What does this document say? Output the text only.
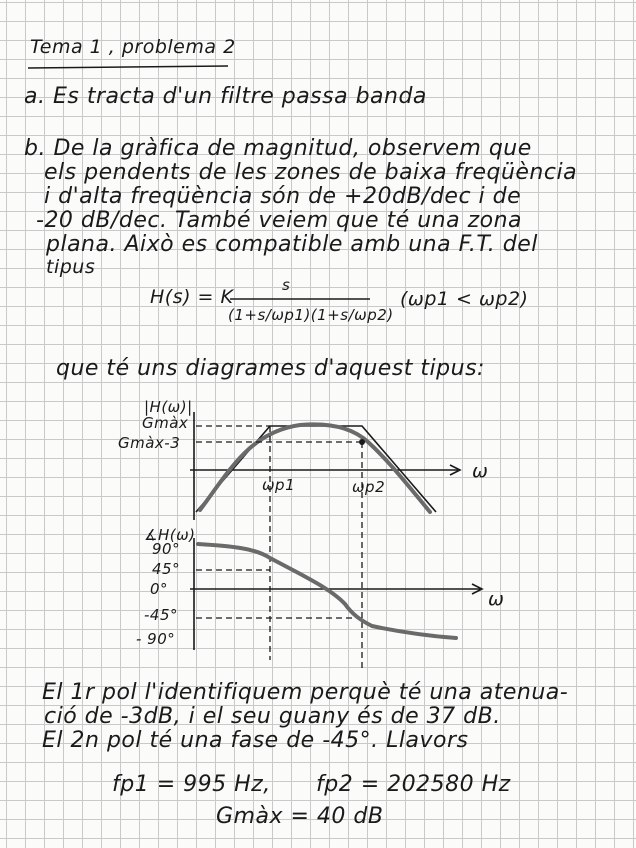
Tema 1 , problema 2
a. Es tracta d'un filtre passa banda
b. De la gràfica de magnitud, observem que
els pendents de les zones de baixa freqüència
i d'alta freqüència són de +20dB/dec i de
-20 dB/dec. També veiem que té una zona
plana. Això es compatible amb una F.T. del
tipus
H(s) = K
s
(1+s/ωp1)(1+s/ωp2)
(ωp1 < ωp2)
que té uns diagrames d'aquest tipus:
|H(ω)|
Gmàx
Gmàx-3
ω
ωp1	ωp2
∡H(ω)
90°
45°
0°
-45°
- 90°
ω
El 1r pol l'identifiquem perquè té una atenua-
ció de -3dB, i el seu guany és de 37 dB.
El 2n pol té una fase de -45°. Llavors
fp1 = 995 Hz, fp2 = 202580 Hz
Gmàx = 40 dB
